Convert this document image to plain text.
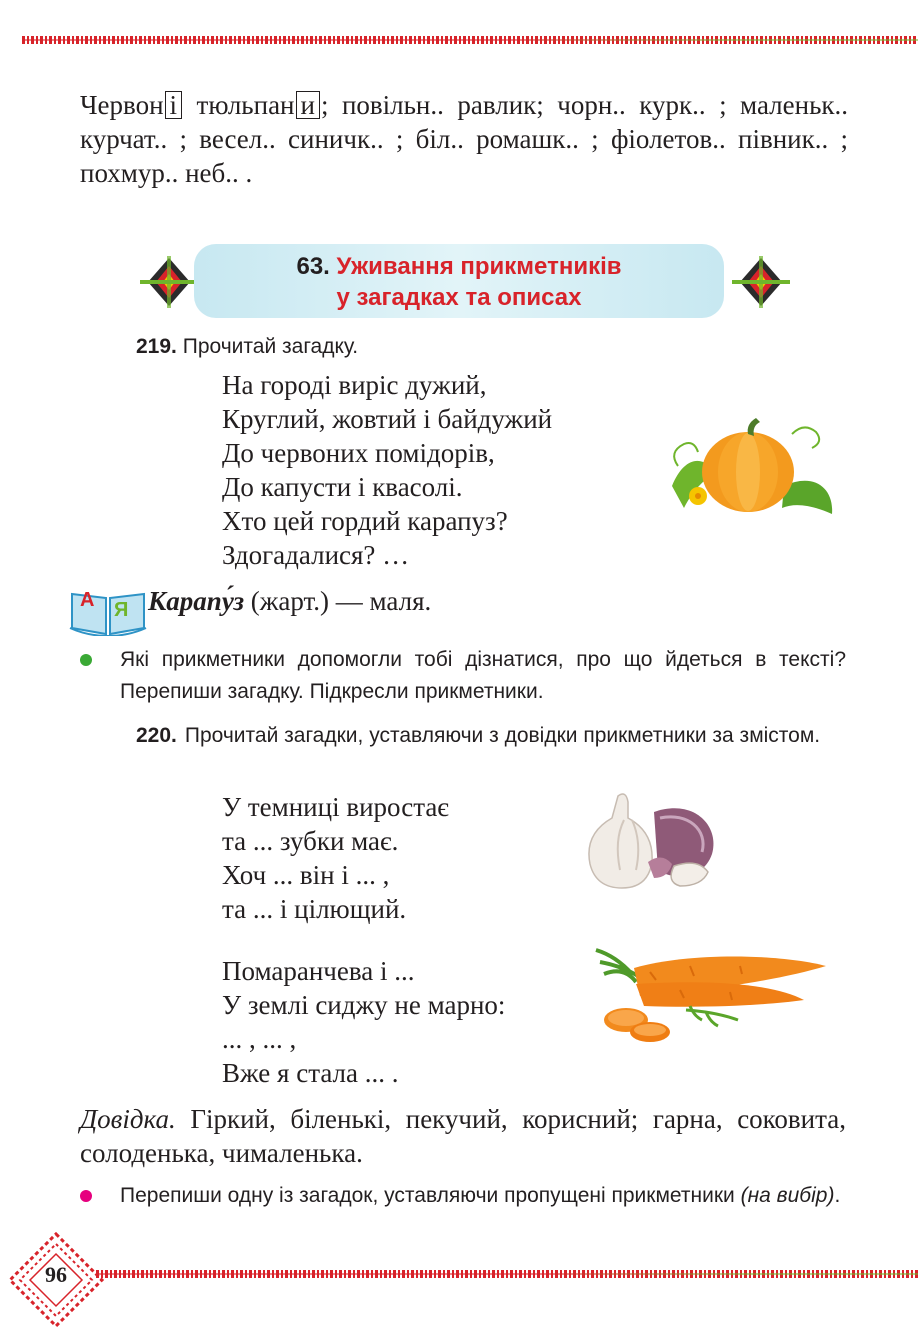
Червон і тюльпан и ; повільн.. равлик; чорн.. курк.. ; маленьк.. курчат.. ; весел.. синичк.. ; біл.. ромашк.. ; фіолетов.. півник.. ; похмур.. неб.. .
63. Уживання прикметників
у загадках та описах
219. Прочитай загадку.
На городі виріс дужий,
Круглий, жовтий і байдужий
До червоних помідорів,
До капусти і квасолі.
Хто цей гордий карапуз?
Здогадалися? …
А Я Карапу́з (жарт.) — маля.
Які прикметники допомогли тобі дізнатися, про що йдеться в тексті? Перепиши загадку. Підкресли прикметники.
220. Прочитай загадки, уставляючи з довідки прикметники за змістом.
У темниці виростає
та ... зубки має.
Хоч ... він і ... ,
та ... і цілющий.
Помаранчева і ...
У землі сиджу не марно:
... , ... ,
Вже я стала ... .
Довідка. Гіркий, біленькі, пекучий, корисний; гарна, соковита, солоденька, чималенька.
Перепиши одну із загадок, уставляючи пропущені прикметники (на вибір).
96
